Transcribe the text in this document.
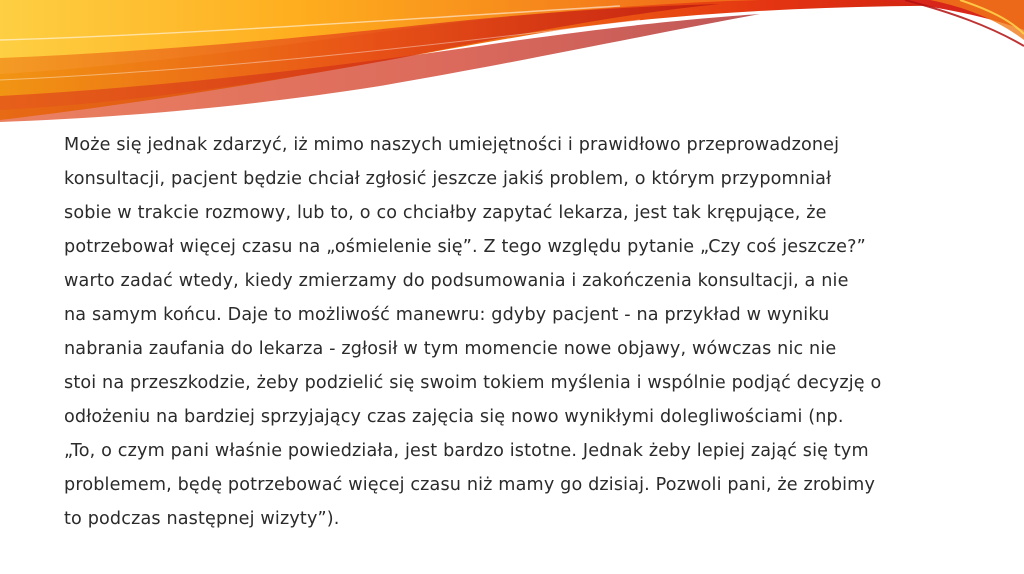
Może się jednak zdarzyć, iż mimo naszych umiejętności i prawidłowo przeprowadzonej
konsultacji, pacjent będzie chciał zgłosić jeszcze jakiś problem, o którym przypomniał
sobie w trakcie rozmowy, lub to, o co chciałby zapytać lekarza, jest tak krępujące, że
potrzebował więcej czasu na „ośmielenie się”. Z tego względu pytanie „Czy coś jeszcze?”
warto zadać wtedy, kiedy zmierzamy do podsumowania i zakończenia konsultacji, a nie
na samym końcu. Daje to możliwość manewru: gdyby pacjent - na przykład w wyniku
nabrania zaufania do lekarza - zgłosił w tym momencie nowe objawy, wówczas nic nie
stoi na przeszkodzie, żeby podzielić się swoim tokiem myślenia i wspólnie podjąć decyzję o
odłożeniu na bardziej sprzyjający czas zajęcia się nowo wynikłymi dolegliwościami (np.
„To, o czym pani właśnie powiedziała, jest bardzo istotne. Jednak żeby lepiej zająć się tym
problemem, będę potrzebować więcej czasu niż mamy go dzisiaj. Pozwoli pani, że zrobimy
to podczas następnej wizyty”).
